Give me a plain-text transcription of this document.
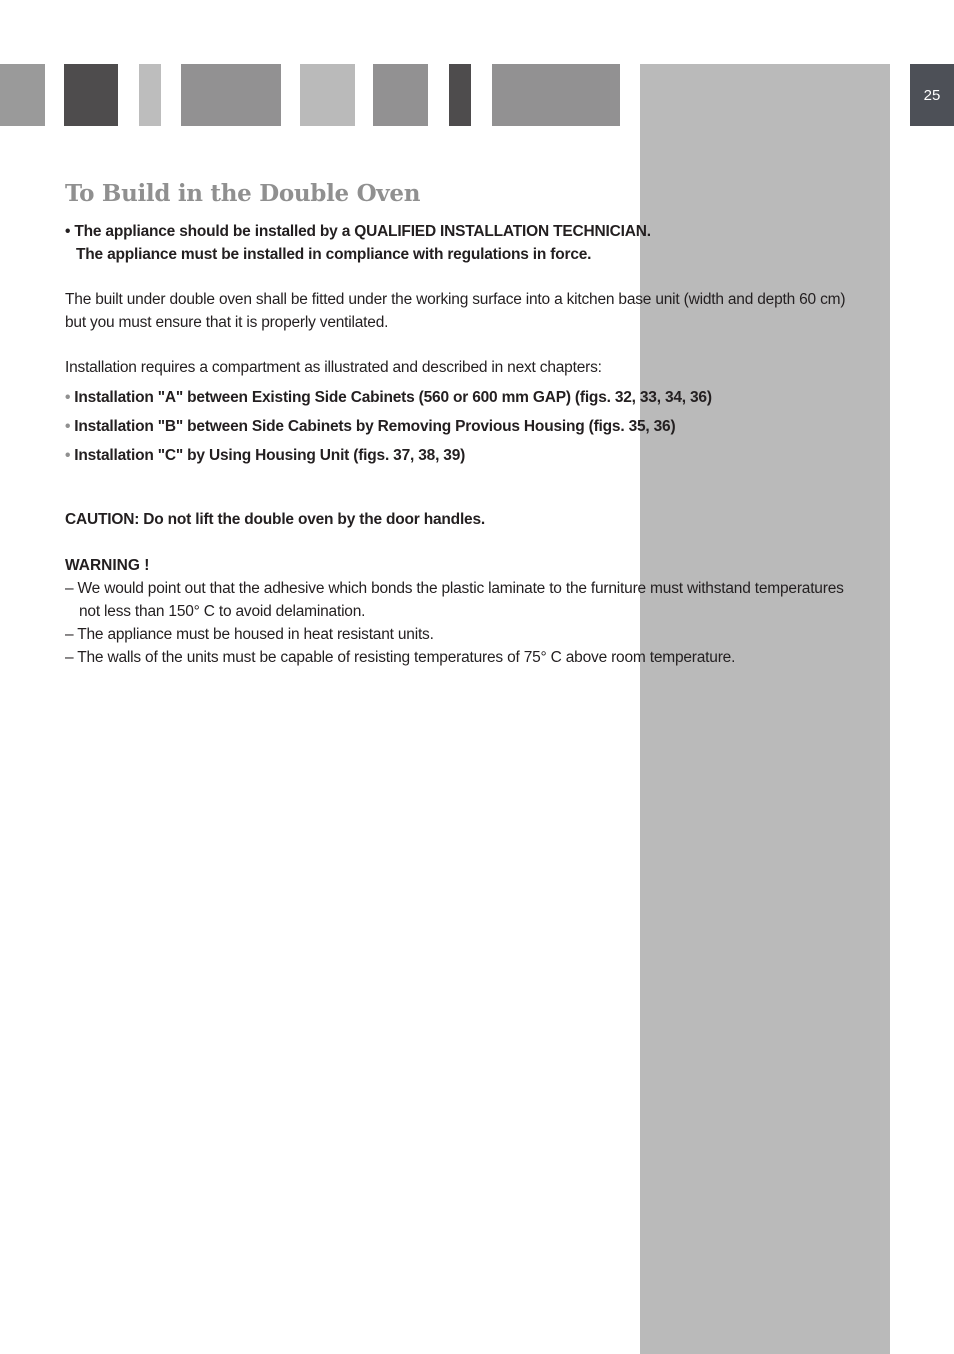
25
To Build in the Double Oven

• The appliance should be installed by a QUALIFIED INSTALLATION TECHNICIAN.
The appliance must be installed in compliance with regulations in force.

The built under double oven shall be fitted under the working surface into a kitchen base unit (width and depth 60 cm) but you must ensure that it is properly ventilated.

Installation requires a compartment as illustrated and described in next chapters:

• Installation "A" between Existing Side Cabinets (560 or 600 mm GAP) (figs. 32, 33, 34, 36)
• Installation "B" between Side Cabinets by Removing Provious Housing (figs. 35, 36)
• Installation "C" by Using Housing Unit (figs. 37, 38, 39)

CAUTION: Do not lift the double oven by the door handles.

WARNING !

– We would point out that the adhesive which bonds the plastic laminate to the furniture must withstand temperatures not less than 150° C to avoid delamination.
– The appliance must be housed in heat resistant units.
– The walls of the units must be capable of resisting temperatures of 75° C above room temperature.
